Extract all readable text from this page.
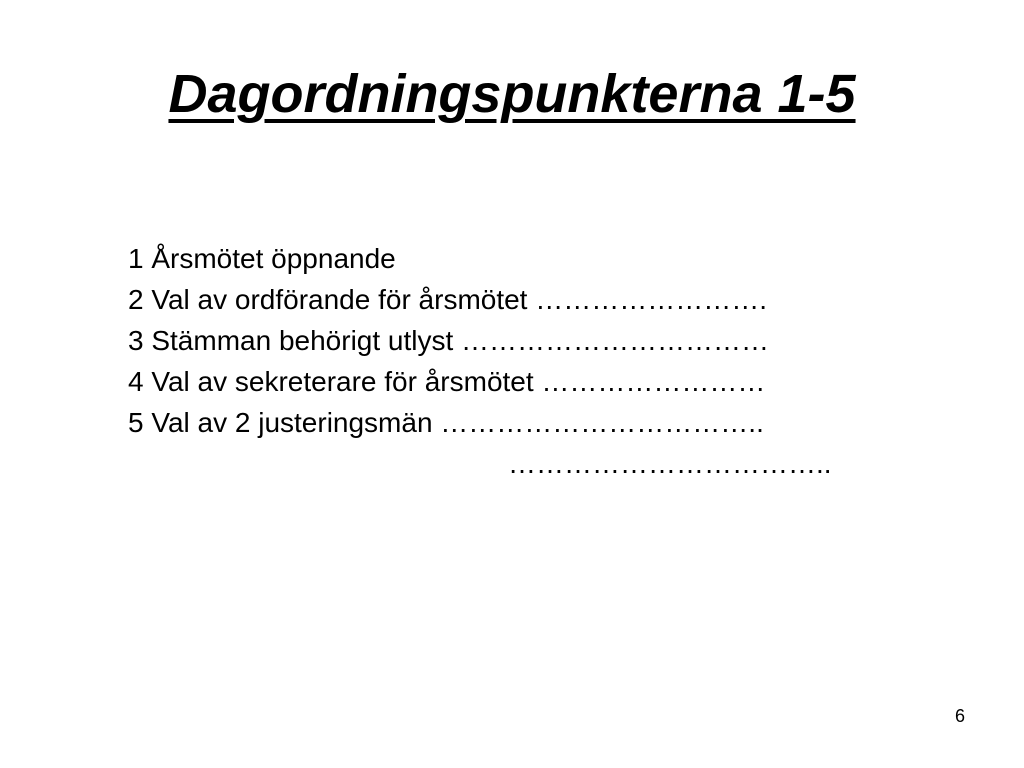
Dagordningspunkterna 1-5
1 Årsmötet öppnande
2 Val av ordförande för årsmötet …………………….
3 Stämman behörigt utlyst ……………………………
4 Val av sekreterare för årsmötet ……………………
5 Val av 2 justeringsmän ……………………………..
……………………………..
6
